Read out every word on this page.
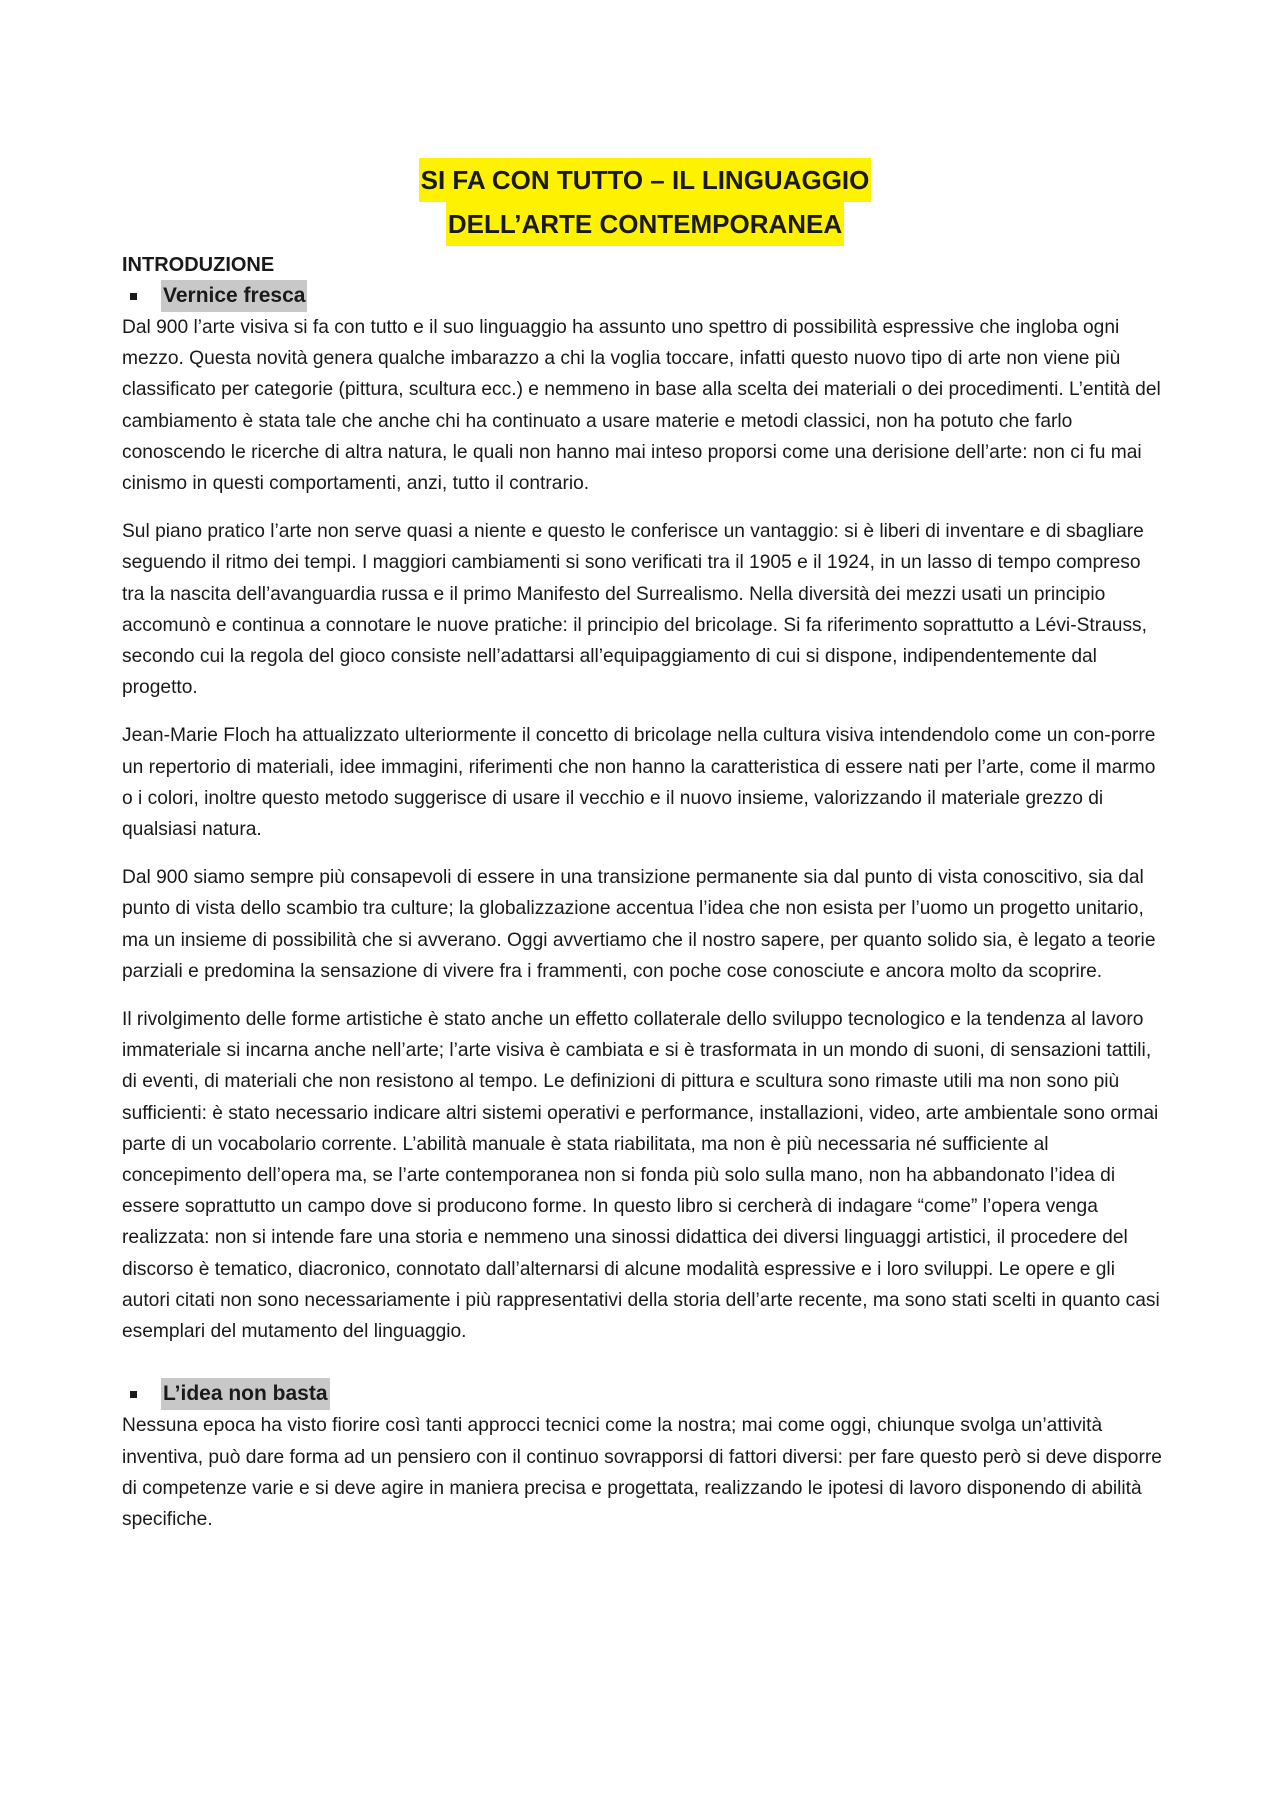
SI FA CON TUTTO – IL LINGUAGGIO
DELL’ARTE CONTEMPORANEA

INTRODUZIONE

Vernice fresca

Dal 900 l’arte visiva si fa con tutto e il suo linguaggio ha assunto uno spettro di possibilità espressive che ingloba ogni mezzo. Questa novità genera qualche imbarazzo a chi la voglia toccare, infatti questo nuovo tipo di arte non viene più classificato per categorie (pittura, scultura ecc.) e nemmeno in base alla scelta dei materiali o dei procedimenti. L’entità del cambiamento è stata tale che anche chi ha continuato a usare materie e metodi classici, non ha potuto che farlo conoscendo le ricerche di altra natura, le quali non hanno mai inteso proporsi come una derisione dell’arte: non ci fu mai cinismo in questi comportamenti, anzi, tutto il contrario.

Sul piano pratico l’arte non serve quasi a niente e questo le conferisce un vantaggio: si è liberi di inventare e di sbagliare seguendo il ritmo dei tempi. I maggiori cambiamenti si sono verificati tra il 1905 e il 1924, in un lasso di tempo compreso tra la nascita dell’avanguardia russa e il primo Manifesto del Surrealismo. Nella diversità dei mezzi usati un principio accomunò e continua a connotare le nuove pratiche: il principio del bricolage. Si fa riferimento soprattutto a Lévi-Strauss, secondo cui la regola del gioco consiste nell’adattarsi all’equipaggiamento di cui si dispone, indipendentemente dal progetto.

Jean-Marie Floch ha attualizzato ulteriormente il concetto di bricolage nella cultura visiva intendendolo come un con-porre un repertorio di materiali, idee immagini, riferimenti che non hanno la caratteristica di essere nati per l’arte, come il marmo o i colori, inoltre questo metodo suggerisce di usare il vecchio e il nuovo insieme, valorizzando il materiale grezzo di qualsiasi natura.

Dal 900 siamo sempre più consapevoli di essere in una transizione permanente sia dal punto di vista conoscitivo, sia dal punto di vista dello scambio tra culture; la globalizzazione accentua l’idea che non esista per l’uomo un progetto unitario, ma un insieme di possibilità che si avverano. Oggi avvertiamo che il nostro sapere, per quanto solido sia, è legato a teorie parziali e predomina la sensazione di vivere fra i frammenti, con poche cose conosciute e ancora molto da scoprire.

Il rivolgimento delle forme artistiche è stato anche un effetto collaterale dello sviluppo tecnologico e la tendenza al lavoro immateriale si incarna anche nell’arte; l’arte visiva è cambiata e si è trasformata in un mondo di suoni, di sensazioni tattili, di eventi, di materiali che non resistono al tempo. Le definizioni di pittura e scultura sono rimaste utili ma non sono più sufficienti: è stato necessario indicare altri sistemi operativi e performance, installazioni, video, arte ambientale sono ormai parte di un vocabolario corrente. L’abilità manuale è stata riabilitata, ma non è più necessaria né sufficiente al concepimento dell’opera ma, se l’arte contemporanea non si fonda più solo sulla mano, non ha abbandonato l’idea di essere soprattutto un campo dove si producono forme. In questo libro si cercherà di indagare “come” l’opera venga realizzata: non si intende fare una storia e nemmeno una sinossi didattica dei diversi linguaggi artistici, il procedere del discorso è tematico, diacronico, connotato dall’alternarsi di alcune modalità espressive e i loro sviluppi. Le opere e gli autori citati non sono necessariamente i più rappresentativi della storia dell’arte recente, ma sono stati scelti in quanto casi esemplari del mutamento del linguaggio.

L’idea non basta

Nessuna epoca ha visto fiorire così tanti approcci tecnici come la nostra; mai come oggi, chiunque svolga un’attività inventiva, può dare forma ad un pensiero con il continuo sovrapporsi di fattori diversi: per fare questo però si deve disporre di competenze varie e si deve agire in maniera precisa e progettata, realizzando le ipotesi di lavoro disponendo di abilità specifiche.
